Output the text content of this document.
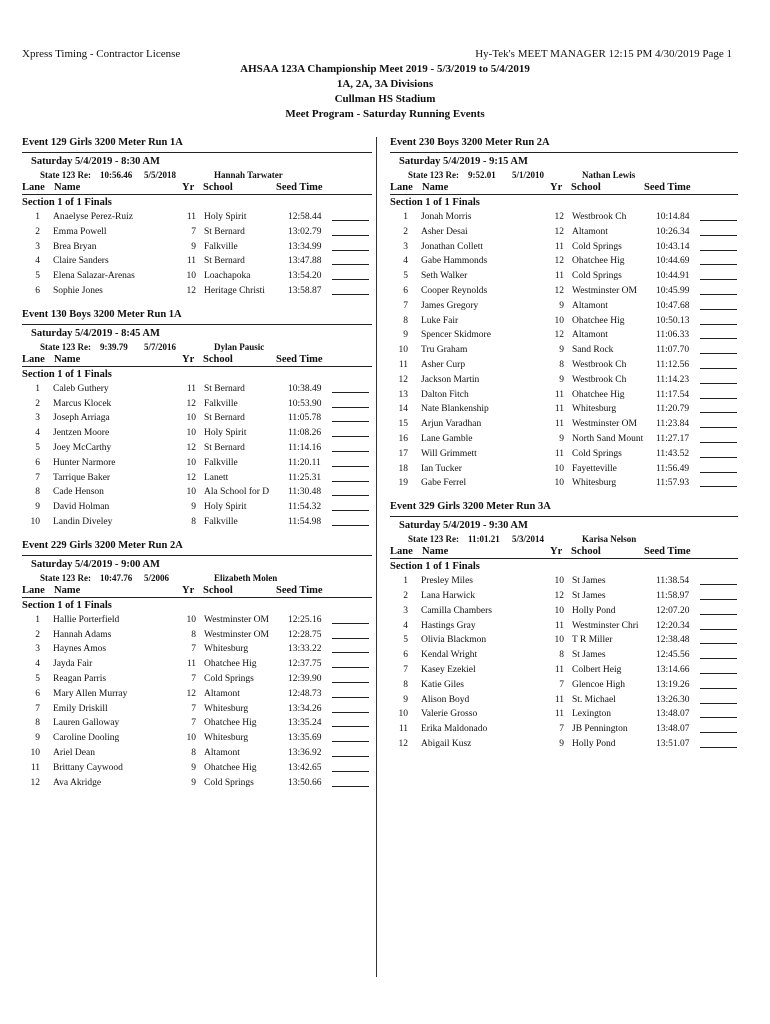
Xpress Timing - Contractor License	Hy-Tek's MEET MANAGER 12:15 PM 4/30/2019 Page 1
AHSAA 123A Championship Meet 2019 - 5/3/2019 to 5/4/2019
1A, 2A, 3A Divisions
Cullman HS Stadium
Meet Program - Saturday Running Events
Event 129 Girls 3200 Meter Run 1A
Saturday 5/4/2019 - 8:30 AM
State 123 Re: 10:56.46 5/5/2018	Hannah Tarwater
Lane Name	Yr School	Seed Time
Section 1 of 1 Finals
1 Anaelyse Perez-Ruiz	11 Holy Spirit	12:58.44
2 Emma Powell	7 St Bernard	13:02.79
3 Brea Bryan	9 Falkville	13:34.99
4 Claire Sanders	11 St Bernard	13:47.88
5 Elena Salazar-Arenas	10 Loachapoka	13:54.20
6 Sophie Jones	12 Heritage Christi	13:58.87
Event 130 Boys 3200 Meter Run 1A
Saturday 5/4/2019 - 8:45 AM
State 123 Re: 9:39.79 5/7/2016	Dylan Pausic
Lane Name	Yr School	Seed Time
Section 1 of 1 Finals
1 Caleb Guthery	11 St Bernard	10:38.49
2 Marcus Klocek	12 Falkville	10:53.90
3 Joseph Arriaga	10 St Bernard	11:05.78
4 Jentzen Moore	10 Holy Spirit	11:08.26
5 Joey McCarthy	12 St Bernard	11:14.16
6 Hunter Narmore	10 Falkville	11:20.11
7 Tarrique Baker	12 Lanett	11:25.31
8 Cade Henson	10 Ala School for D	11:30.48
9 David Holman	9 Holy Spirit	11:54.32
10 Landin Diveley	8 Falkville	11:54.98
Event 229 Girls 3200 Meter Run 2A
Saturday 5/4/2019 - 9:00 AM
State 123 Re: 10:47.76 5/2006	Elizabeth Molen
Lane Name	Yr School	Seed Time
Section 1 of 1 Finals
1 Hallie Porterfield	10 Westminster OM	12:25.16
2 Hannah Adams	8 Westminster OM	12:28.75
3 Haynes Amos	7 Whitesburg	13:33.22
4 Jayda Fair	11 Ohatchee Hig	12:37.75
5 Reagan Parris	7 Cold Springs	12:39.90
6 Mary Allen Murray	12 Altamont	12:48.73
7 Emily Driskill	7 Whitesburg	13:34.26
8 Lauren Galloway	7 Ohatchee Hig	13:35.24
9 Caroline Dooling	10 Whitesburg	13:35.69
10 Ariel Dean	8 Altamont	13:36.92
11 Brittany Caywood	9 Ohatchee Hig	13:42.65
12 Ava Akridge	9 Cold Springs	13:50.66
Event 230 Boys 3200 Meter Run 2A
Saturday 5/4/2019 - 9:15 AM
State 123 Re: 9:52.01 5/1/2010	Nathan Lewis
Lane Name	Yr School	Seed Time
Section 1 of 1 Finals
1 Jonah Morris	12 Westbrook Ch	10:14.84
2 Asher Desai	12 Altamont	10:26.34
3 Jonathan Collett	11 Cold Springs	10:43.14
4 Gabe Hammonds	12 Ohatchee Hig	10:44.69
5 Seth Walker	11 Cold Springs	10:44.91
6 Cooper Reynolds	12 Westminster OM	10:45.99
7 James Gregory	9 Altamont	10:47.68
8 Luke Fair	10 Ohatchee Hig	10:50.13
9 Spencer Skidmore	12 Altamont	11:06.33
10 Tru Graham	9 Sand Rock	11:07.70
11 Asher Curp	8 Westbrook Ch	11:12.56
12 Jackson Martin	9 Westbrook Ch	11:14.23
13 Dalton Fitch	11 Ohatchee Hig	11:17.54
14 Nate Blankenship	11 Whitesburg	11:20.79
15 Arjun Varadhan	11 Westminster OM	11:23.84
16 Lane Gamble	9 North Sand Mount	11:27.17
17 Will Grimmett	11 Cold Springs	11:43.52
18 Ian Tucker	10 Fayetteville	11:56.49
19 Gabe Ferrel	10 Whitesburg	11:57.93
Event 329 Girls 3200 Meter Run 3A
Saturday 5/4/2019 - 9:30 AM
State 123 Re: 11:01.21 5/3/2014	Karisa Nelson
Lane Name	Yr School	Seed Time
Section 1 of 1 Finals
1 Presley Miles	10 St James	11:38.54
2 Lana Harwick	12 St James	11:58.97
3 Camilla Chambers	10 Holly Pond	12:07.20
4 Hastings Gray	11 Westminster Chri	12:20.34
5 Olivia Blackmon	10 T R Miller	12:38.48
6 Kendal Wright	8 St James	12:45.56
7 Kasey Ezekiel	11 Colbert Heig	13:14.66
8 Katie Giles	7 Glencoe High	13:19.26
9 Alison Boyd	11 St. Michael	13:26.30
10 Valerie Grosso	11 Lexington	13:48.07
11 Erika Maldonado	7 JB Pennington	13:48.07
12 Abigail Kusz	9 Holly Pond	13:51.07
